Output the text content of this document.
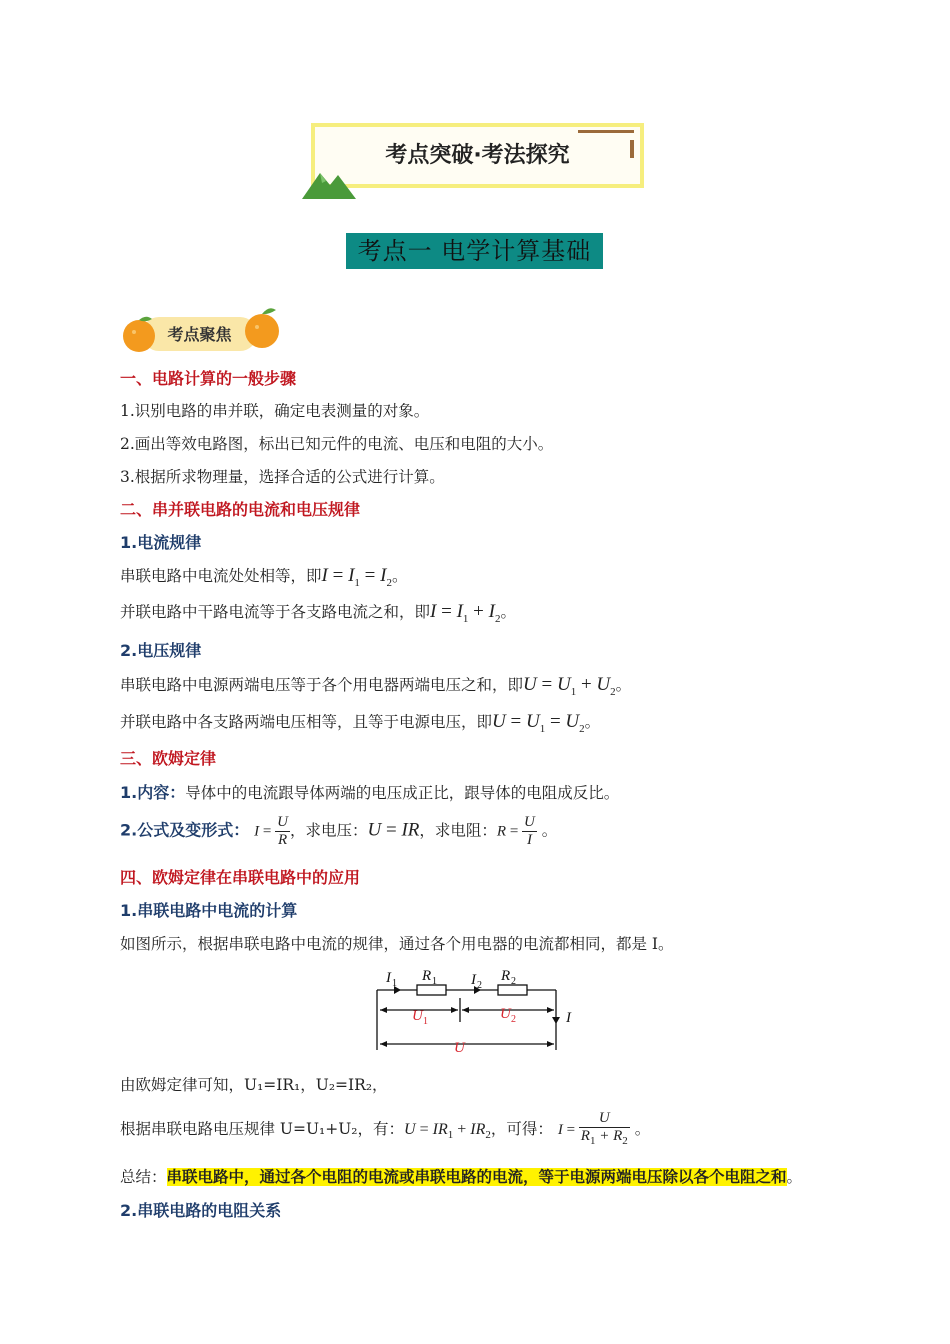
考点突破·考法探究
考点一 电学计算基础
考点聚焦
一、电路计算的一般步骤
1.识别电路的串并联，确定电表测量的对象。
2.画出等效电路图，标出已知元件的电流、电压和电阻的大小。
3.根据所求物理量，选择合适的公式进行计算。
二、串并联电路的电流和电压规律
1.电流规律
串联电路中电流处处相等，即$I = I_1 = I_2$。
并联电路中干路电流等于各支路电流之和，即$I = I_1 + I_2$。
2.电压规律
串联电路中电源两端电压等于各个用电器两端电压之和，即$U = U_1 + U_2$。
并联电路中各支路两端电压相等，且等于电源电压，即$U = U_1 = U_2$。
三、欧姆定律
1.内容：导体中的电流跟导体两端的电压成正比，跟导体的电阻成反比。
2.公式及变形式： $I = \frac{U}{R}$ ，求电压：U = IR，求电阻：$R = \frac{U}{I}$ 。
四、欧姆定律在串联电路中的应用
1.串联电路中电流的计算
如图所示，根据串联电路中电流的规律，通过各个用电器的电流都相同，都是 I。
I 1 R 1 I 2
R 2
U 1	U 2	I
U
由欧姆定律可知，U₁=IR₁，U₂=IR₂，
根据串联电路电压规律 U=U₁+U₂，有：$U = IR_1 + IR_2$，可得： $I = \frac{U}{R_1 + R_2}$ 。
总结：串联电路中，通过各个电阻的电流或串联电路的电流，等于电源两端电压除以各个电阻之和。
2.串联电路的电阻关系
